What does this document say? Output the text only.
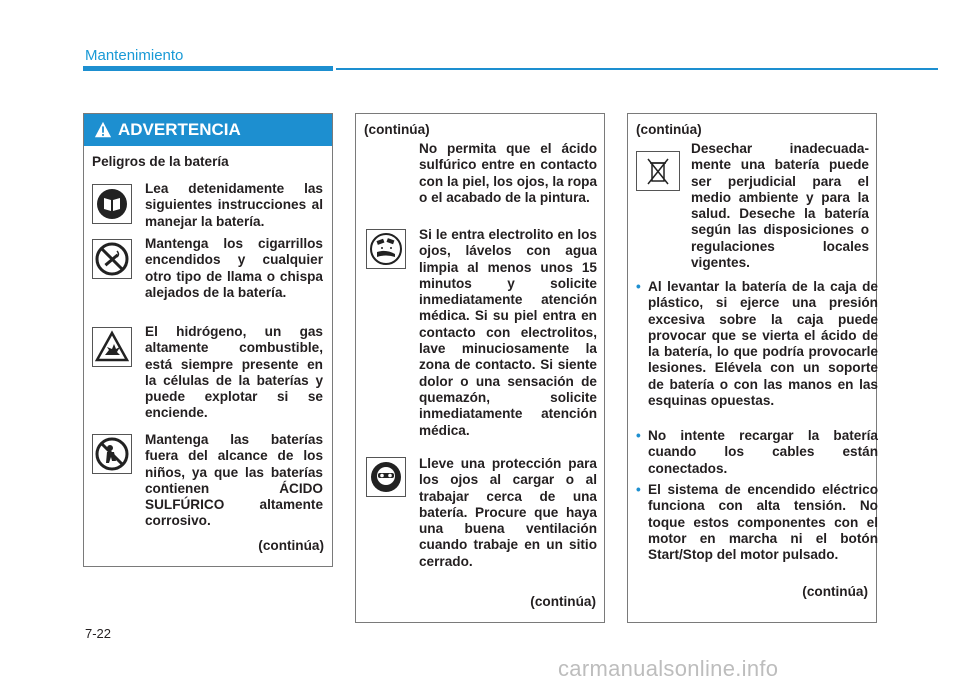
Mantenimiento
ADVERTENCIA
Peligros de la batería
Lea detenidamente las siguientes instrucciones al manejar la batería.
Mantenga los cigarrillos encendidos y cualquier otro tipo de llama o chispa alejados de la batería.
El hidrógeno, un gas altamente combustible, está siempre presente en la células de la baterías y puede explotar si se enciende.
Mantenga las baterías fuera del alcance de los niños, ya que las baterías contienen ÁCIDO SULFÚRICO altamente corrosivo.
(continúa)
(continúa)
No permita que el ácido sulfúrico entre en contacto con la piel, los ojos, la ropa o el acabado de la pintura.
Si le entra electrolito en los ojos, lávelos con agua limpia al menos unos 15 minutos y solicite inmediatamente atención médica. Si su piel entra en contacto con electrolitos, lave minuciosamente la zona de contacto. Si siente dolor o una sensación de quemazón, solicite inmediatamente atención médica.
Lleve una protección para los ojos al cargar o al trabajar cerca de una batería. Procure que haya una buena ventilación cuando trabaje en un sitio cerrado.
(continúa)
(continúa)
Desechar inadecuada-mente una batería puede ser perjudicial para el medio ambiente y para la salud. Deseche la batería según las disposiciones o regulaciones locales vigentes.
• Al levantar la batería de la caja de plástico, si ejerce una presión excesiva sobre la caja puede provocar que se vierta el ácido de la batería, lo que podría provocarle lesiones. Elévela con un soporte de batería o con las manos en las esquinas opuestas.
• No intente recargar la batería cuando los cables están conectados.
• El sistema de encendido eléctrico funciona con alta tensión. No toque estos componentes con el motor en marcha ni el botón Start/Stop del motor pulsado.
(continúa)
7-22
carmanualsonline.info
